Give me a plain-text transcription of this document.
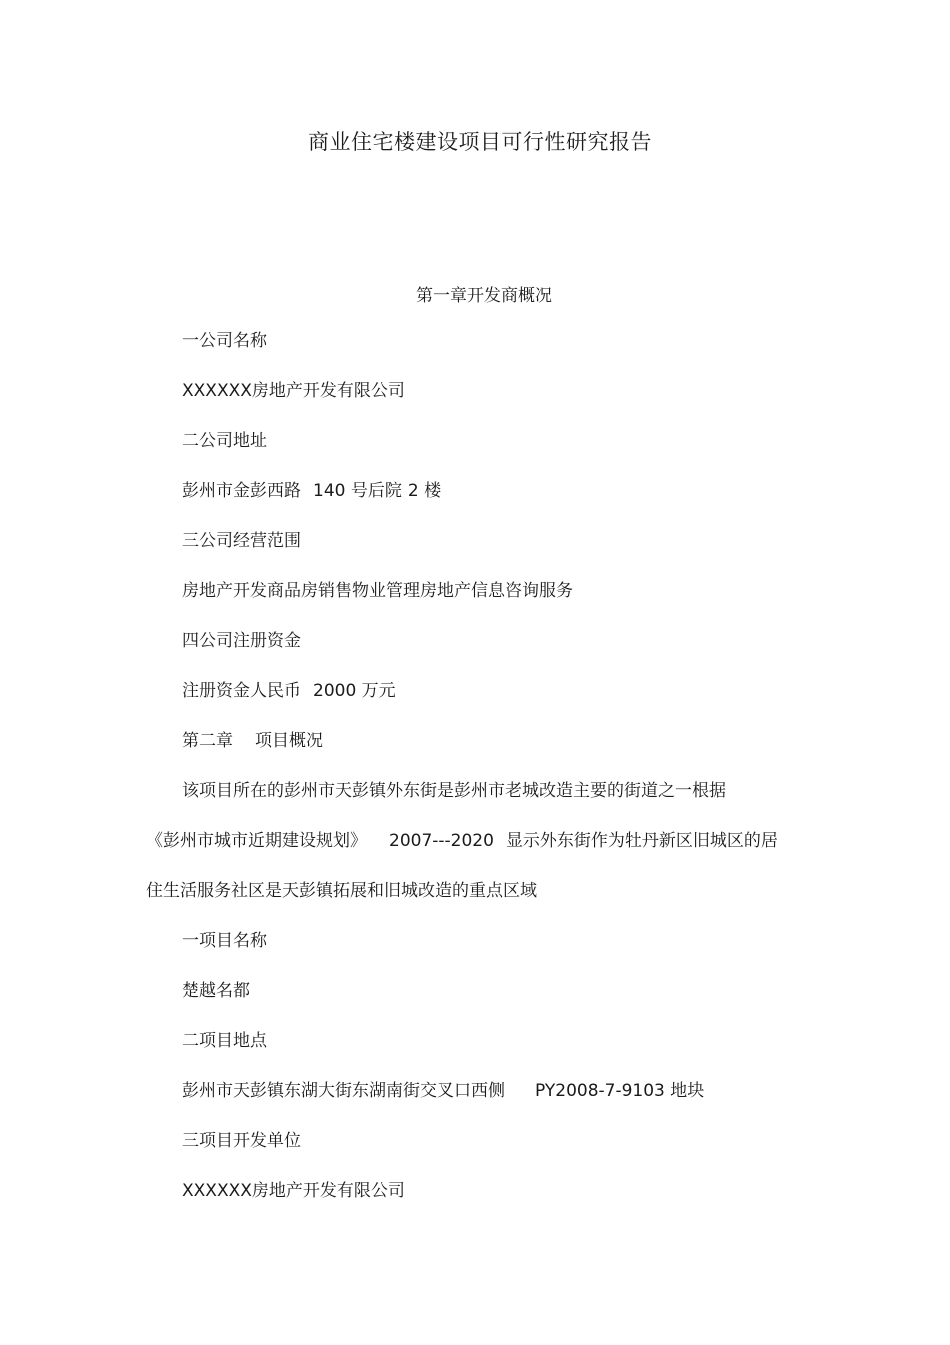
商业住宅楼建设项目可行性研究报告
第一章开发商概况
一公司名称
XXXXXX房地产开发有限公司
二公司地址
彭州市金彭西路 140 号后院 2 楼
三公司经营范围
房地产开发商品房销售物业管理房地产信息咨询服务
四公司注册资金
注册资金人民币 2000 万元
第二章 项目概况
该项目所在的彭州市天彭镇外东街是彭州市老城改造主要的街道之一根据
《彭州市城市近期建设规划》 2007---2020 显示外东街作为牡丹新区旧城区的居
住生活服务社区是天彭镇拓展和旧城改造的重点区域
一项目名称
楚越名都
二项目地点
彭州市天彭镇东湖大街东湖南街交叉口西侧 PY2008-7-9103 地块
三项目开发单位
XXXXXX房地产开发有限公司
